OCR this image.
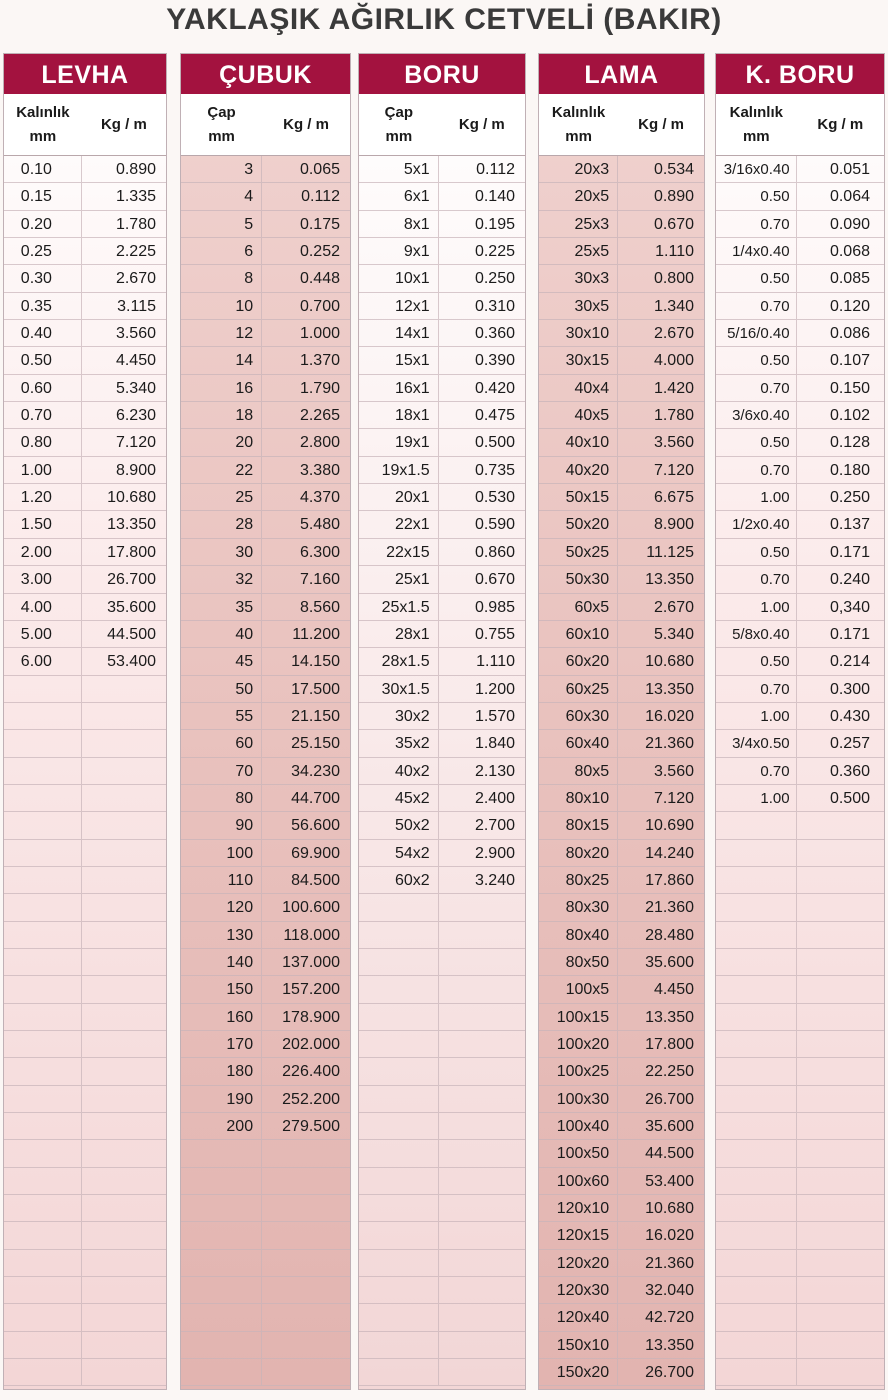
YAKLAŞIK AĞIRLIK CETVELİ (BAKIR)
LEVHA
Kalınlık
mm
Kg / m
0.10	0.890
0.15	1.335
0.20	1.780
0.25	2.225
0.30	2.670
0.35	3.115
0.40	3.560
0.50	4.450
0.60	5.340
0.70	6.230
0.80	7.120
1.00	8.900
1.20	10.680
1.50	13.350
2.00	17.800
3.00	26.700
4.00	35.600
5.00	44.500
6.00	53.400
ÇUBUK
Çap
mm
Kg / m
3	0.065
4	0.112
5	0.175
6	0.252
8	0.448
10	0.700
12	1.000
14	1.370
16	1.790
18	2.265
20	2.800
22	3.380
25	4.370
28	5.480
30	6.300
32	7.160
35	8.560
40	11.200
45	14.150
50	17.500
55	21.150
60	25.150
70	34.230
80	44.700
90	56.600
100	69.900
110	84.500
120	100.600
130	118.000
140	137.000
150	157.200
160	178.900
170	202.000
180	226.400
190	252.200
200	279.500
BORU
Çap
mm
Kg / m
5x1	0.112
6x1	0.140
8x1	0.195
9x1	0.225
10x1	0.250
12x1	0.310
14x1	0.360
15x1	0.390
16x1	0.420
18x1	0.475
19x1	0.500
19x1.5	0.735
20x1	0.530
22x1	0.590
22x15	0.860
25x1	0.670
25x1.5	0.985
28x1	0.755
28x1.5	1.110
30x1.5	1.200
30x2	1.570
35x2	1.840
40x2	2.130
45x2	2.400
50x2	2.700
54x2	2.900
60x2	3.240
LAMA
Kalınlık
mm
Kg / m
20x3	0.534
20x5	0.890
25x3	0.670
25x5	1.110
30x3	0.800
30x5	1.340
30x10	2.670
30x15	4.000
40x4	1.420
40x5	1.780
40x10	3.560
40x20	7.120
50x15	6.675
50x20	8.900
50x25	11.125
50x30	13.350
60x5	2.670
60x10	5.340
60x20	10.680
60x25	13.350
60x30	16.020
60x40	21.360
80x5	3.560
80x10	7.120
80x15	10.690
80x20	14.240
80x25	17.860
80x30	21.360
80x40	28.480
80x50	35.600
100x5	4.450
100x15	13.350
100x20	17.800
100x25	22.250
100x30	26.700
100x40	35.600
100x50	44.500
100x60	53.400
120x10	10.680
120x15	16.020
120x20	21.360
120x30	32.040
120x40	42.720
150x10	13.350
150x20	26.700
K. BORU
Kalınlık
mm
Kg / m
3/16x0.40	0.051
0.50	0.064
0.70	0.090
1/4x0.40	0.068
0.50	0.085
0.70	0.120
5/16/0.40	0.086
0.50	0.107
0.70	0.150
3/6x0.40	0.102
0.50	0.128
0.70	0.180
1.00	0.250
1/2x0.40	0.137
0.50	0.171
0.70	0.240
1.00	0,340
5/8x0.40	0.171
0.50	0.214
0.70	0.300
1.00	0.430
3/4x0.50	0.257
0.70	0.360
1.00	0.500
